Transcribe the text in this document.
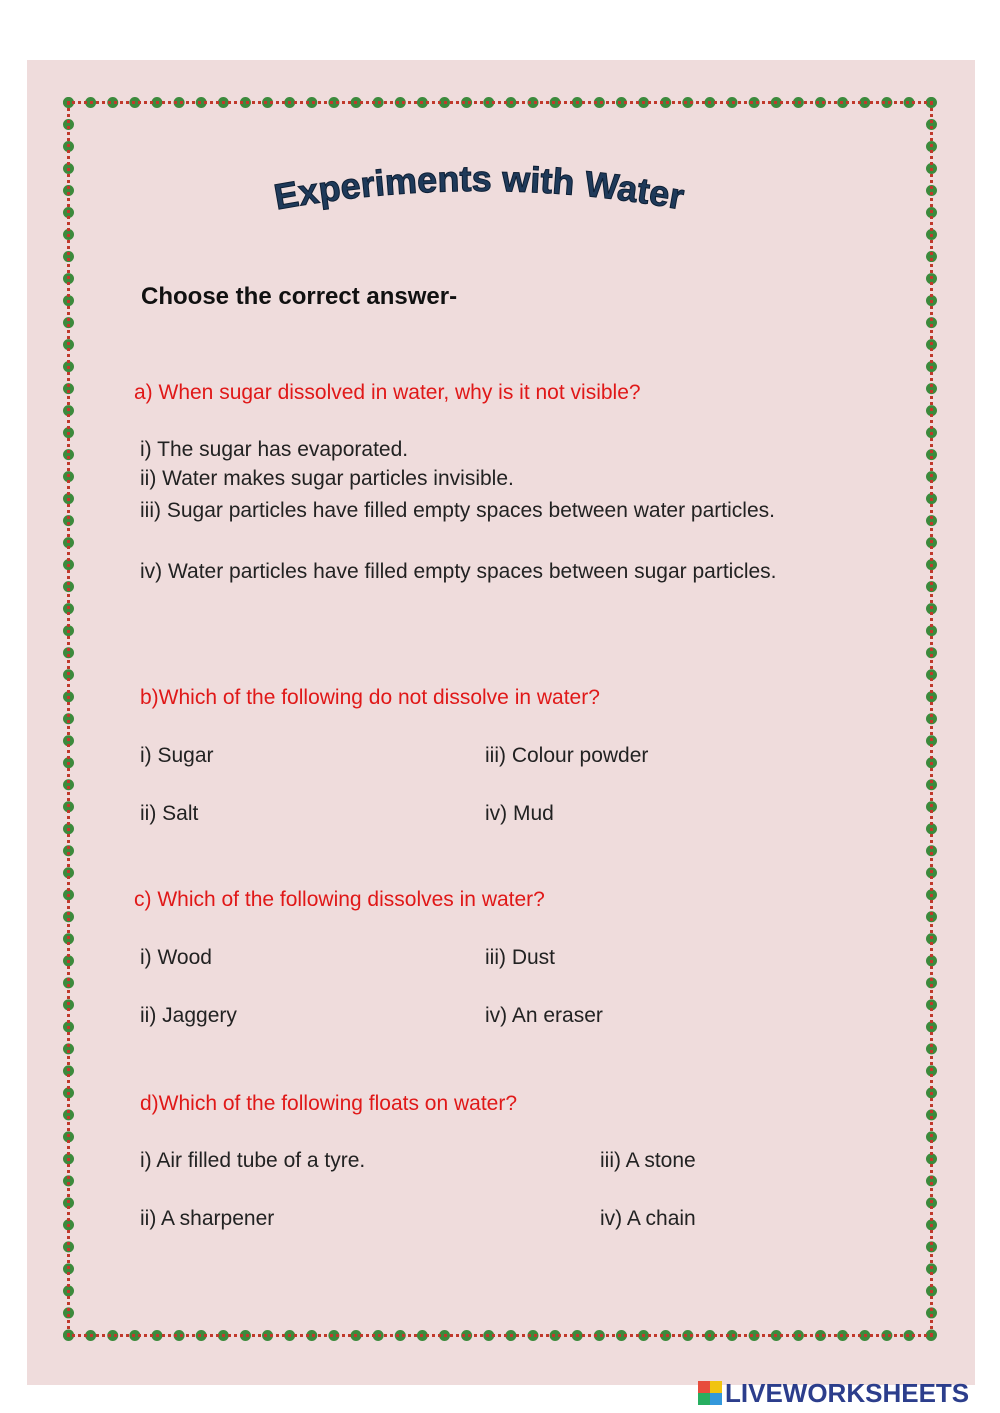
Experiments with Water
Choose the correct answer-
a) When sugar dissolved in water, why is it not visible?
i) The sugar has evaporated.
ii) Water makes sugar particles invisible.
iii) Sugar particles have filled empty spaces between water particles.
iv) Water particles have filled empty spaces between sugar particles.
b)Which of the following do not dissolve in water?
i) Sugar
ii) Salt
iii) Colour powder
iv) Mud
c) Which of the following dissolves in water?
i) Wood
ii) Jaggery
iii) Dust
iv) An eraser
d)Which of the following floats on water?
i) Air filled tube of a tyre.
ii) A sharpener
iii) A stone
iv) A chain
LIVEWORKSHEETS
